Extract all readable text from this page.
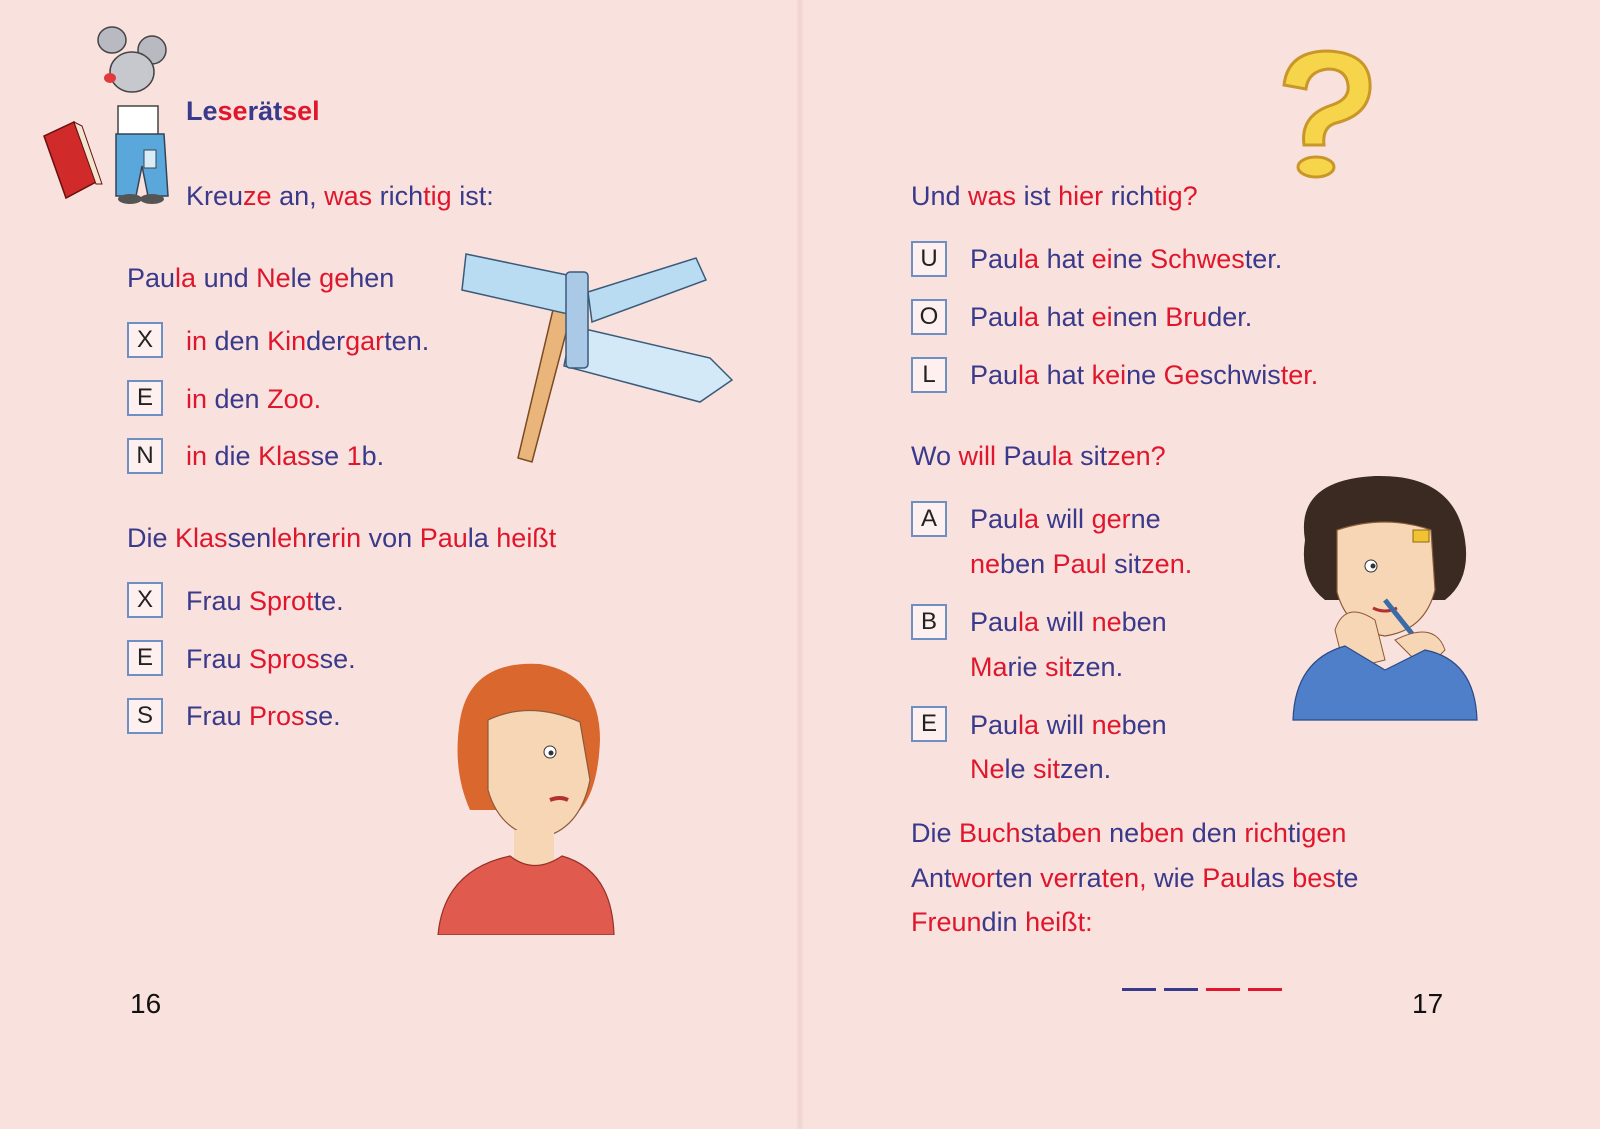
Leserätsel
Kreuze an, was richtig ist:
Paula und Nele gehen
X	in den Kindergarten.
E	in den Zoo.
N	in die Klasse 1b.
Die Klassenlehrerin von Paula heißt
X	Frau Sprotte.
E	Frau Sprosse.
S	Frau Prosse.
16
Und was ist hier richtig?
U	Paula hat eine Schwester.
O	Paula hat einen Bruder.
L	Paula hat keine Geschwister.
Wo will Paula sitzen?
A	Paula will gerne
neben Paul sitzen.
B	Paula will neben
Marie sitzen.
E	Paula will neben
Nele sitzen.
Die Buchstaben neben den richtigen
Antworten verraten, wie Paulas beste
Freundin heißt:
17
